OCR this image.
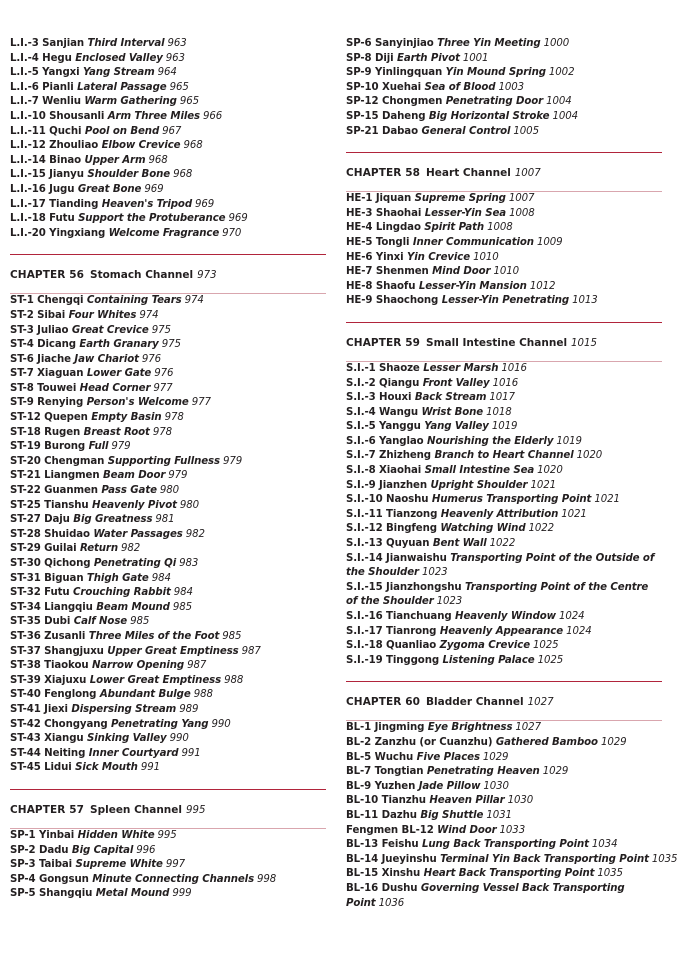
L.I.-3 Sanjian Third Interval 963
L.I.-4 Hegu Enclosed Valley 963
L.I.-5 Yangxi Yang Stream 964
L.I.-6 Pianli Lateral Passage 965
L.I.-7 Wenliu Warm Gathering 965
L.I.-10 Shousanli Arm Three Miles 966
L.I.-11 Quchi Pool on Bend 967
L.I.-12 Zhouliao Elbow Crevice 968
L.I.-14 Binao Upper Arm 968
L.I.-15 Jianyu Shoulder Bone 968
L.I.-16 Jugu Great Bone 969
L.I.-17 Tianding Heaven's Tripod 969
L.I.-18 Futu Support the Protuberance 969
L.I.-20 Yingxiang Welcome Fragrance 970
CHAPTER 56 Stomach Channel 973
ST-1 Chengqi Containing Tears 974
ST-2 Sibai Four Whites 974
ST-3 Juliao Great Crevice 975
ST-4 Dicang Earth Granary 975
ST-6 Jiache Jaw Chariot 976
ST-7 Xiaguan Lower Gate 976
ST-8 Touwei Head Corner 977
ST-9 Renying Person's Welcome 977
ST-12 Quepen Empty Basin 978
ST-18 Rugen Breast Root 978
ST-19 Burong Full 979
ST-20 Chengman Supporting Fullness 979
ST-21 Liangmen Beam Door 979
ST-22 Guanmen Pass Gate 980
ST-25 Tianshu Heavenly Pivot 980
ST-27 Daju Big Greatness 981
ST-28 Shuidao Water Passages 982
ST-29 Guilai Return 982
ST-30 Qichong Penetrating Qi 983
ST-31 Biguan Thigh Gate 984
ST-32 Futu Crouching Rabbit 984
ST-34 Liangqiu Beam Mound 985
ST-35 Dubi Calf Nose 985
ST-36 Zusanli Three Miles of the Foot 985
ST-37 Shangjuxu Upper Great Emptiness 987
ST-38 Tiaokou Narrow Opening 987
ST-39 Xiajuxu Lower Great Emptiness 988
ST-40 Fenglong Abundant Bulge 988
ST-41 Jiexi Dispersing Stream 989
ST-42 Chongyang Penetrating Yang 990
ST-43 Xiangu Sinking Valley 990
ST-44 Neiting Inner Courtyard 991
ST-45 Lidui Sick Mouth 991
CHAPTER 57 Spleen Channel 995
SP-1 Yinbai Hidden White 995
SP-2 Dadu Big Capital 996
SP-3 Taibai Supreme White 997
SP-4 Gongsun Minute Connecting Channels 998
SP-5 Shangqiu Metal Mound 999
SP-6 Sanyinjiao Three Yin Meeting 1000
SP-8 Diji Earth Pivot 1001
SP-9 Yinlingquan Yin Mound Spring 1002
SP-10 Xuehai Sea of Blood 1003
SP-12 Chongmen Penetrating Door 1004
SP-15 Daheng Big Horizontal Stroke 1004
SP-21 Dabao General Control 1005
CHAPTER 58 Heart Channel 1007
HE-1 Jiquan Supreme Spring 1007
HE-3 Shaohai Lesser-Yin Sea 1008
HE-4 Lingdao Spirit Path 1008
HE-5 Tongli Inner Communication 1009
HE-6 Yinxi Yin Crevice 1010
HE-7 Shenmen Mind Door 1010
HE-8 Shaofu Lesser-Yin Mansion 1012
HE-9 Shaochong Lesser-Yin Penetrating 1013
CHAPTER 59 Small Intestine Channel 1015
S.I.-1 Shaoze Lesser Marsh 1016
S.I.-2 Qiangu Front Valley 1016
S.I.-3 Houxi Back Stream 1017
S.I.-4 Wangu Wrist Bone 1018
S.I.-5 Yanggu Yang Valley 1019
S.I.-6 Yanglao Nourishing the Elderly 1019
S.I.-7 Zhizheng Branch to Heart Channel 1020
S.I.-8 Xiaohai Small Intestine Sea 1020
S.I.-9 Jianzhen Upright Shoulder 1021
S.I.-10 Naoshu Humerus Transporting Point 1021
S.I.-11 Tianzong Heavenly Attribution 1021
S.I.-12 Bingfeng Watching Wind 1022
S.I.-13 Quyuan Bent Wall 1022
S.I.-14 Jianwaishu Transporting Point of the Outside of the Shoulder 1023
S.I.-15 Jianzhongshu Transporting Point of the Centre of the Shoulder 1023
S.I.-16 Tianchuang Heavenly Window 1024
S.I.-17 Tianrong Heavenly Appearance 1024
S.I.-18 Quanliao Zygoma Crevice 1025
S.I.-19 Tinggong Listening Palace 1025
CHAPTER 60 Bladder Channel 1027
BL-1 Jingming Eye Brightness 1027
BL-2 Zanzhu (or Cuanzhu) Gathered Bamboo 1029
BL-5 Wuchu Five Places 1029
BL-7 Tongtian Penetrating Heaven 1029
BL-9 Yuzhen Jade Pillow 1030
BL-10 Tianzhu Heaven Pillar 1030
BL-11 Dazhu Big Shuttle 1031
Fengmen BL-12 Wind Door 1033
BL-13 Feishu Lung Back Transporting Point 1034
BL-14 Jueyinshu Terminal Yin Back Transporting Point 1035
BL-15 Xinshu Heart Back Transporting Point 1035
BL-16 Dushu Governing Vessel Back Transporting Point 1036
